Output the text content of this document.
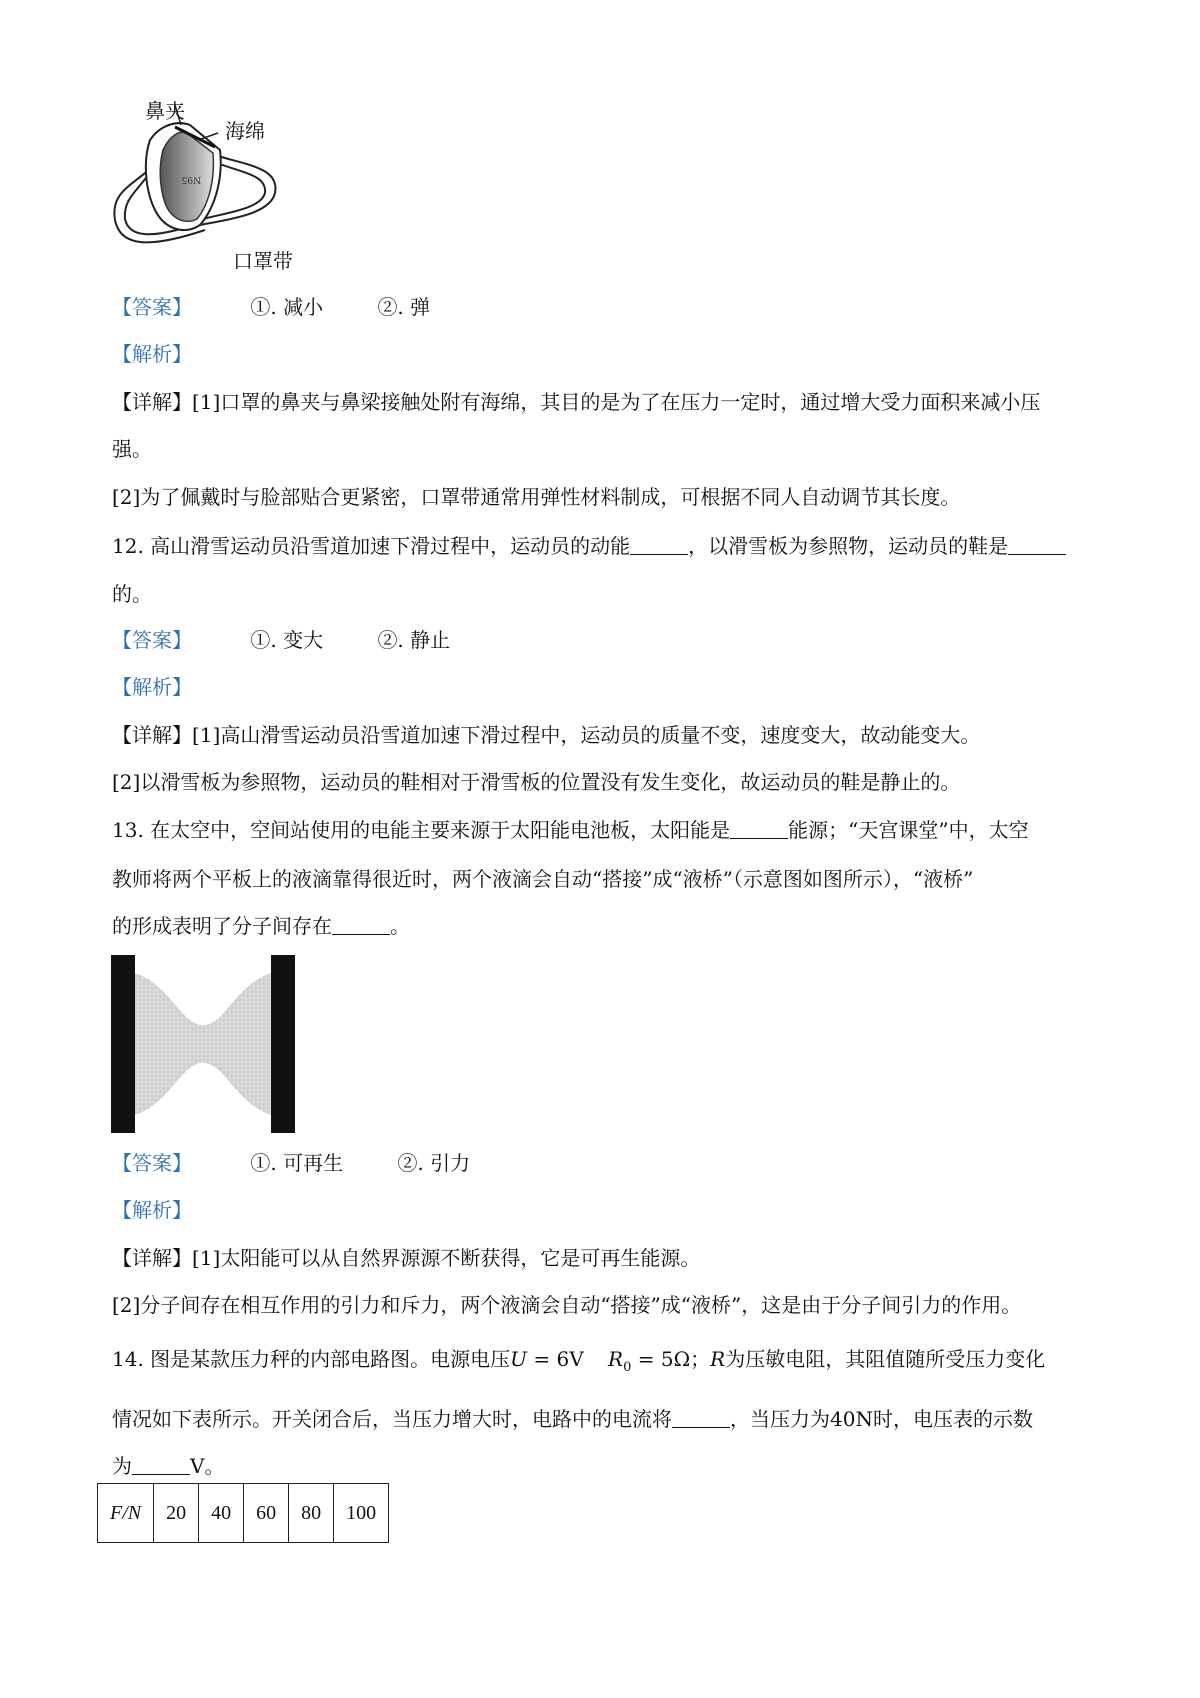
N95
鼻夹
海绵
口罩带
【答案】	①. 减小	②. 弹
【解析】
【详解】[1]口罩的鼻夹与鼻梁接触处附有海绵，其目的是为了在压力一定时，通过增大受力面积来减小压
强。
[2]为了佩戴时与脸部贴合更紧密，口罩带通常用弹性材料制成，可根据不同人自动调节其长度。
12. 高山滑雪运动员沿雪道加速下滑过程中，运动员的动能	，以滑雪板为参照物，运动员的鞋是
的。
【答案】	①. 变大	②. 静止
【解析】
【详解】[1]高山滑雪运动员沿雪道加速下滑过程中，运动员的质量不变，速度变大，故动能变大。
[2]以滑雪板为参照物，运动员的鞋相对于滑雪板的位置没有发生变化，故运动员的鞋是静止的。
13. 在太空中，空间站使用的电能主要来源于太阳能电池板，太阳能是	能源；“天宫课堂”中，太空
教师将两个平板上的液滴靠得很近时，两个液滴会自动“搭接”成“液桥”（示意图如图所示），“液桥”
的形成表明了分子间存在	。
【答案】	①. 可再生	②. 引力
【解析】
【详解】[1]太阳能可以从自然界源源不断获得，它是可再生能源。
[2]分子间存在相互作用的引力和斥力，两个液滴会自动“搭接”成“液桥”，这是由于分子间引力的作用。
14. 图是某款压力秤的内部电路图。电源电压U = 6V $R_0 = 5\Omega$；R为压敏电阻，其阻值随所受压力变化
情况如下表所示。开关闭合后，当压力增大时，电路中的电流将	，当压力为40N时，电压表的示数
为	V。
F/N	20	40	60	80	100
